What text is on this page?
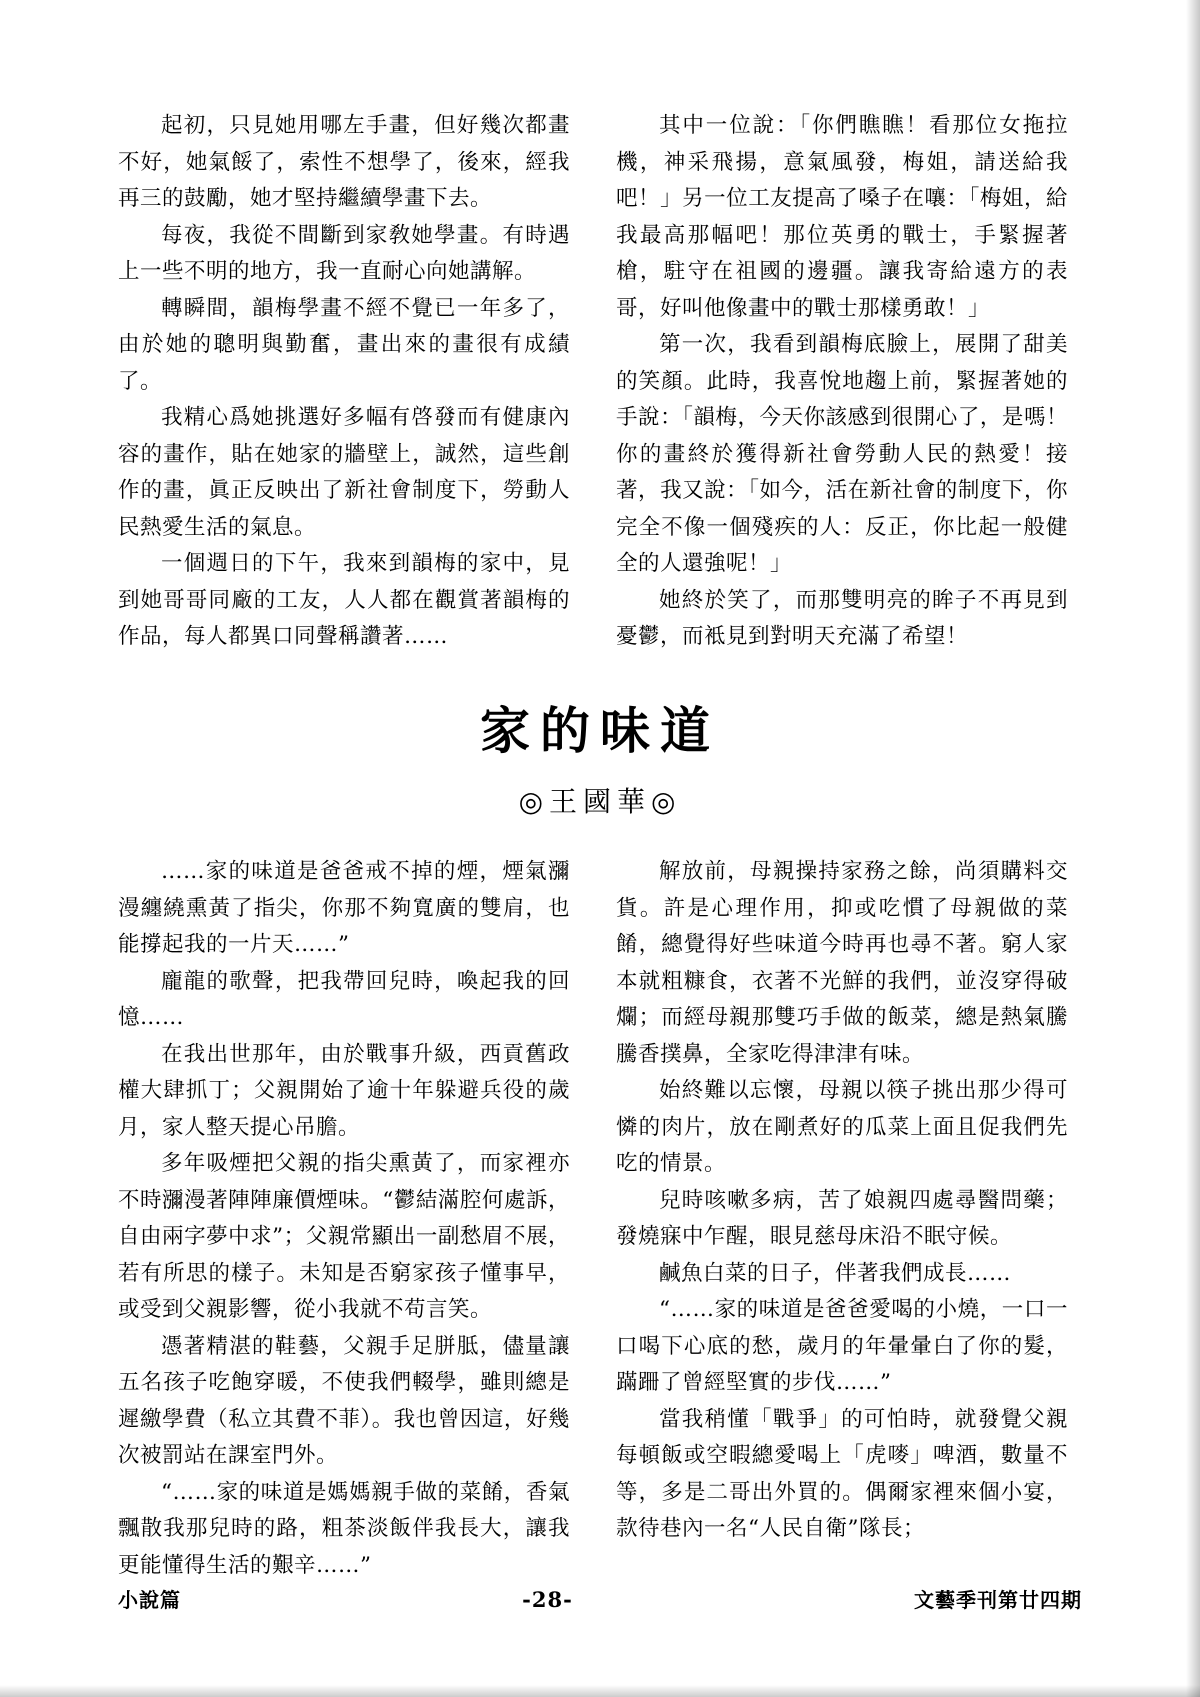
起初，只見她用哪左手畫，但好幾次都畫不好，她氣餒了，索性不想學了，後來，經我再三的鼓勵，她才堅持繼續學畫下去。

每夜，我從不間斷到家敎她學畫。有時遇上一些不明的地方，我一直耐心向她講解。

轉瞬間，韻梅學畫不經不覺已一年多了，由於她的聰明與勤奮，畫出來的畫很有成績了。

我精心爲她挑選好多幅有啓發而有健康內容的畫作，貼在她家的牆壁上，誠然，這些創作的畫，眞正反映出了新社會制度下，勞動人民熱愛生活的氣息。

一個週日的下午，我來到韻梅的家中，見到她哥哥同廠的工友，人人都在觀賞著韻梅的作品，每人都異口同聲稱讚著……

其中一位說：「你們瞧瞧！看那位女拖拉機，神采飛揚，意氣風發，梅姐，請送給我吧！」另一位工友提高了嗓子在嚷：「梅姐，給我最高那幅吧！那位英勇的戰士，手緊握著槍，駐守在祖國的邊疆。讓我寄給遠方的表哥，好叫他像畫中的戰士那樣勇敢！」

第一次，我看到韻梅底臉上，展開了甜美的笑顏。此時，我喜悅地趨上前，緊握著她的手說：「韻梅，今天你該感到很開心了，是嗎！你的畫終於獲得新社會勞動人民的熱愛！接著，我又說：「如今，活在新社會的制度下，你完全不像一個殘疾的人：反正，你比起一般健全的人還強呢！」

她終於笑了，而那雙明亮的眸子不再見到憂鬱，而袛見到對明天充滿了希望！

家的味道
◎王國華◎

……家的味道是爸爸戒不掉的煙，煙氣瀰漫纏繞熏黃了指尖，你那不夠寬廣的雙肩，也能撐起我的一片天……”

龐龍的歌聲，把我帶回兒時，喚起我的回憶……

在我出世那年，由於戰事升級，西貢舊政權大肆抓丁；父親開始了逾十年躲避兵役的歲月，家人整天提心吊膽。

多年吸煙把父親的指尖熏黃了，而家裡亦不時瀰漫著陣陣廉價煙味。“鬱結滿腔何處訴，自由兩字夢中求”；父親常顯出一副愁眉不展，若有所思的樣子。未知是否窮家孩子懂事早，或受到父親影響，從小我就不苟言笑。

憑著精湛的鞋藝，父親手足胼胝，儘量讓五名孩子吃飽穿暖，不使我們輟學，雖則總是遲繳學費（私立其費不菲）。我也曾因這，好幾次被罰站在課室門外。

“……家的味道是媽媽親手做的菜餚，香氣飄散我那兒時的路，粗茶淡飯伴我長大，讓我更能懂得生活的艱辛……”

解放前，母親操持家務之餘，尚須購料交貨。許是心理作用，抑或吃慣了母親做的菜餚，總覺得好些味道今時再也尋不著。窮人家本就粗糠食，衣著不光鮮的我們，並沒穿得破爛；而經母親那雙巧手做的飯菜，總是熱氣騰騰香撲鼻，全家吃得津津有味。

始終難以忘懷，母親以筷子挑出那少得可憐的肉片，放在剛煮好的瓜菜上面且促我們先吃的情景。

兒時咳嗽多病，苦了娘親四處尋醫問藥；發燒寐中乍醒，眼見慈母床沿不眠守候。

鹹魚白菜的日子，伴著我們成長……

“……家的味道是爸爸愛喝的小燒，一口一口喝下心底的愁，歲月的年暈暈白了你的髮，蹣跚了曾經堅實的步伐……”

當我稍懂「戰爭」的可怕時，就發覺父親每頓飯或空暇總愛喝上「虎嘜」啤酒，數量不等，多是二哥出外買的。偶爾家裡來個小宴，款待巷內一名“人民自衛”隊長；

小說篇	-28-	文藝季刊第廿四期
